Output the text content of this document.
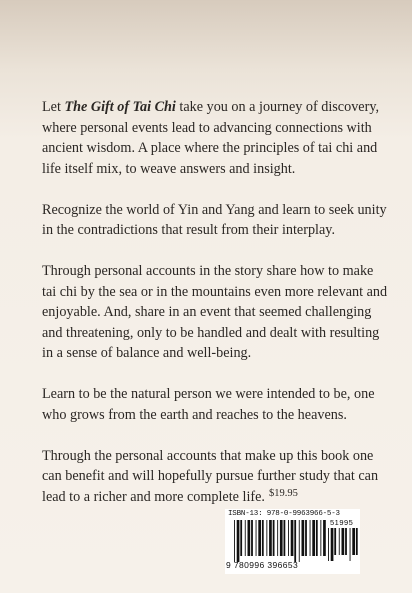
Let The Gift of Tai Chi take you on a journey of discovery, where personal events lead to advancing connections with ancient wisdom. A place where the principles of tai chi and life itself mix, to weave answers and insight.

Recognize the world of Yin and Yang and learn to seek unity in the contradictions that result from their interplay.

Through personal accounts in the story share how to make tai chi by the sea or in the mountains even more relevant and enjoyable. And, share in an event that seemed challenging and threatening, only to be handled and dealt with resulting in a sense of balance and well-being.

Learn to be the natural person we were intended to be, one who grows from the earth and reaches to the heavens.

Through the personal accounts that make up this book one can benefit and will hopefully pursue further study that can lead to a richer and more complete life. $19.95
ISBN-13: 978-0-9963966-5-3
51995
9 780996 396653
